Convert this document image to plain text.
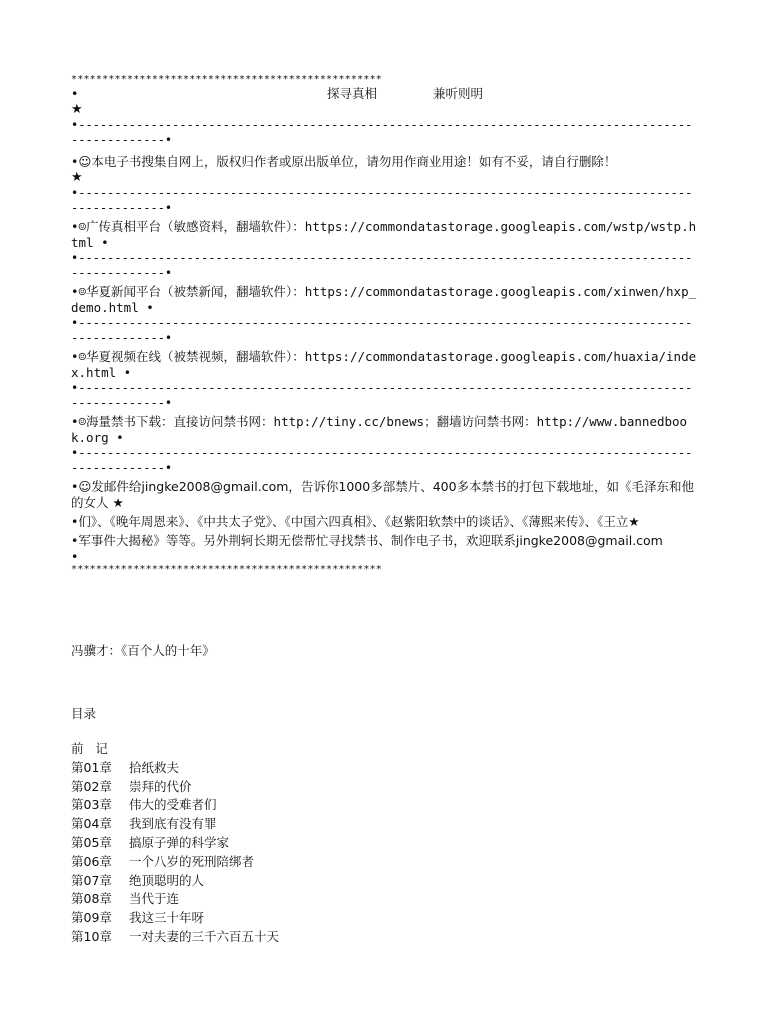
**************************************************
•	探寻真相	兼听则明
★
•--------------------------------------------------------------------------------------------------•
•☺本电子书搜集自网上，版权归作者或原出版单位，请勿用作商业用途！如有不妥，请自行删除！
★
•--------------------------------------------------------------------------------------------------•
•☺广传真相平台（敏感资料，翻墙软件）：https://commondatastorage.googleapis.com/wstp/wstp.html •
•--------------------------------------------------------------------------------------------------•
•☺华夏新闻平台（被禁新闻，翻墙软件）：https://commondatastorage.googleapis.com/xinwen/hxp_demo.html •
•--------------------------------------------------------------------------------------------------•
•☺华夏视频在线（被禁视频，翻墙软件）：https://commondatastorage.googleapis.com/huaxia/index.html •
•--------------------------------------------------------------------------------------------------•
•☺海量禁书下载：直接访问禁书网：http://tiny.cc/bnews；翻墙访问禁书网：http://www.bannedbook.org •
•--------------------------------------------------------------------------------------------------•
•☺发邮件给jingke2008@gmail.com，告诉你1000多部禁片、400多本禁书的打包下载地址，如《毛泽东和他的女人 ★
•们》、《晚年周恩来》、《中共太子党》、《中国六四真相》、《赵紫阳软禁中的谈话》、《薄熙来传》、《王立★
•军事件大揭秘》等等。另外荆轲长期无偿帮忙寻找禁书、制作电子书，欢迎联系jingke2008@gmail.com
•
**************************************************
冯骥才：《百个人的十年》
目录
前   记
第01章 拾纸救夫
第02章 崇拜的代价
第03章 伟大的受难者们
第04章 我到底有没有罪
第05章 搞原子弹的科学家
第06章 一个八岁的死刑陪绑者
第07章 绝顶聪明的人
第08章 当代于连
第09章 我这三十年呀
第10章 一对夫妻的三千六百五十天
